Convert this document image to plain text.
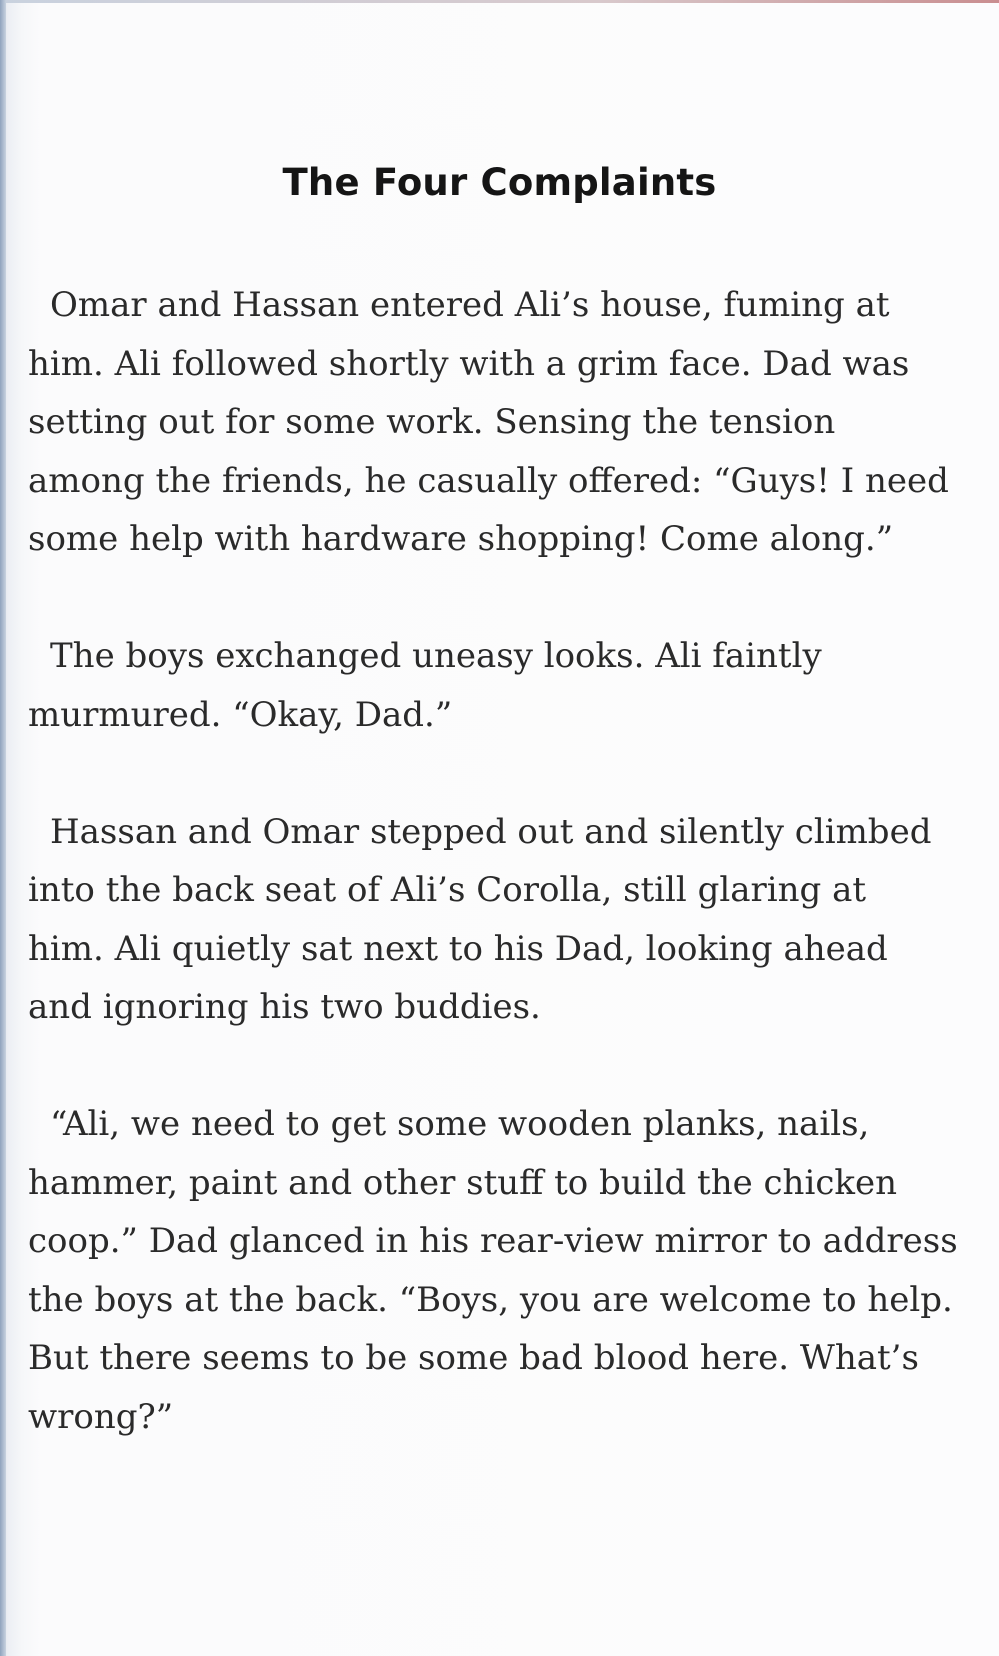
The Four Complaints

Omar and Hassan entered Ali’s house, fuming at
him. Ali followed shortly with a grim face. Dad was
setting out for some work. Sensing the tension
among the friends, he casually offered: “Guys! I need
some help with hardware shopping! Come along.”

The boys exchanged uneasy looks. Ali faintly
murmured. “Okay, Dad.”

Hassan and Omar stepped out and silently climbed
into the back seat of Ali’s Corolla, still glaring at
him. Ali quietly sat next to his Dad, looking ahead
and ignoring his two buddies.

“Ali, we need to get some wooden planks, nails,
hammer, paint and other stuff to build the chicken
coop.” Dad glanced in his rear-view mirror to address
the boys at the back. “Boys, you are welcome to help.
But there seems to be some bad blood here. What’s
wrong?”
